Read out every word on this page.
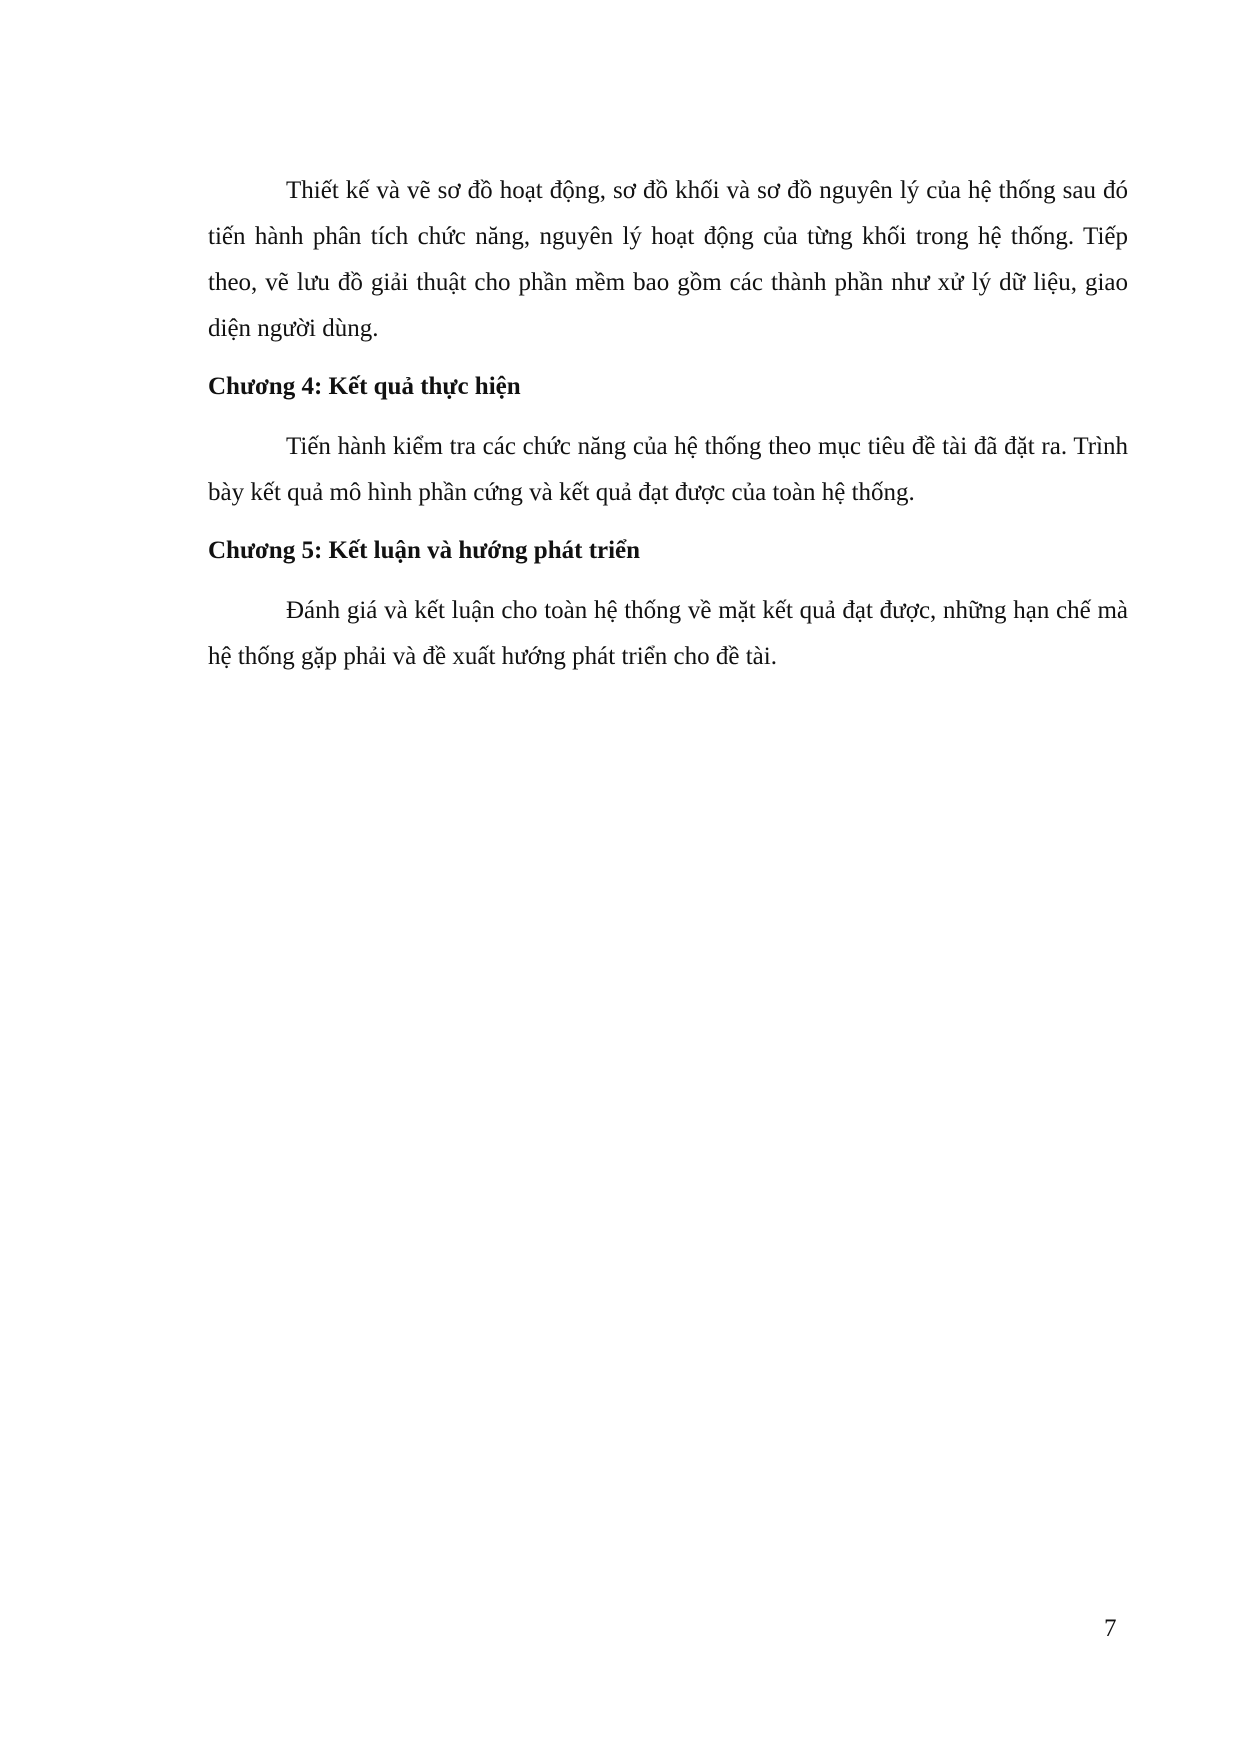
Thiết kế và vẽ sơ đồ hoạt động, sơ đồ khối và sơ đồ nguyên lý của hệ thống sau đó tiến hành phân tích chức năng, nguyên lý hoạt động của từng khối trong hệ thống. Tiếp theo, vẽ lưu đồ giải thuật cho phần mềm bao gồm các thành phần như xử lý dữ liệu, giao diện người dùng.

Chương 4: Kết quả thực hiện

Tiến hành kiểm tra các chức năng của hệ thống theo mục tiêu đề tài đã đặt ra. Trình bày kết quả mô hình phần cứng và kết quả đạt được của toàn hệ thống.

Chương 5: Kết luận và hướng phát triển

Đánh giá và kết luận cho toàn hệ thống về mặt kết quả đạt được, những hạn chế mà hệ thống gặp phải và đề xuất hướng phát triển cho đề tài.

7
